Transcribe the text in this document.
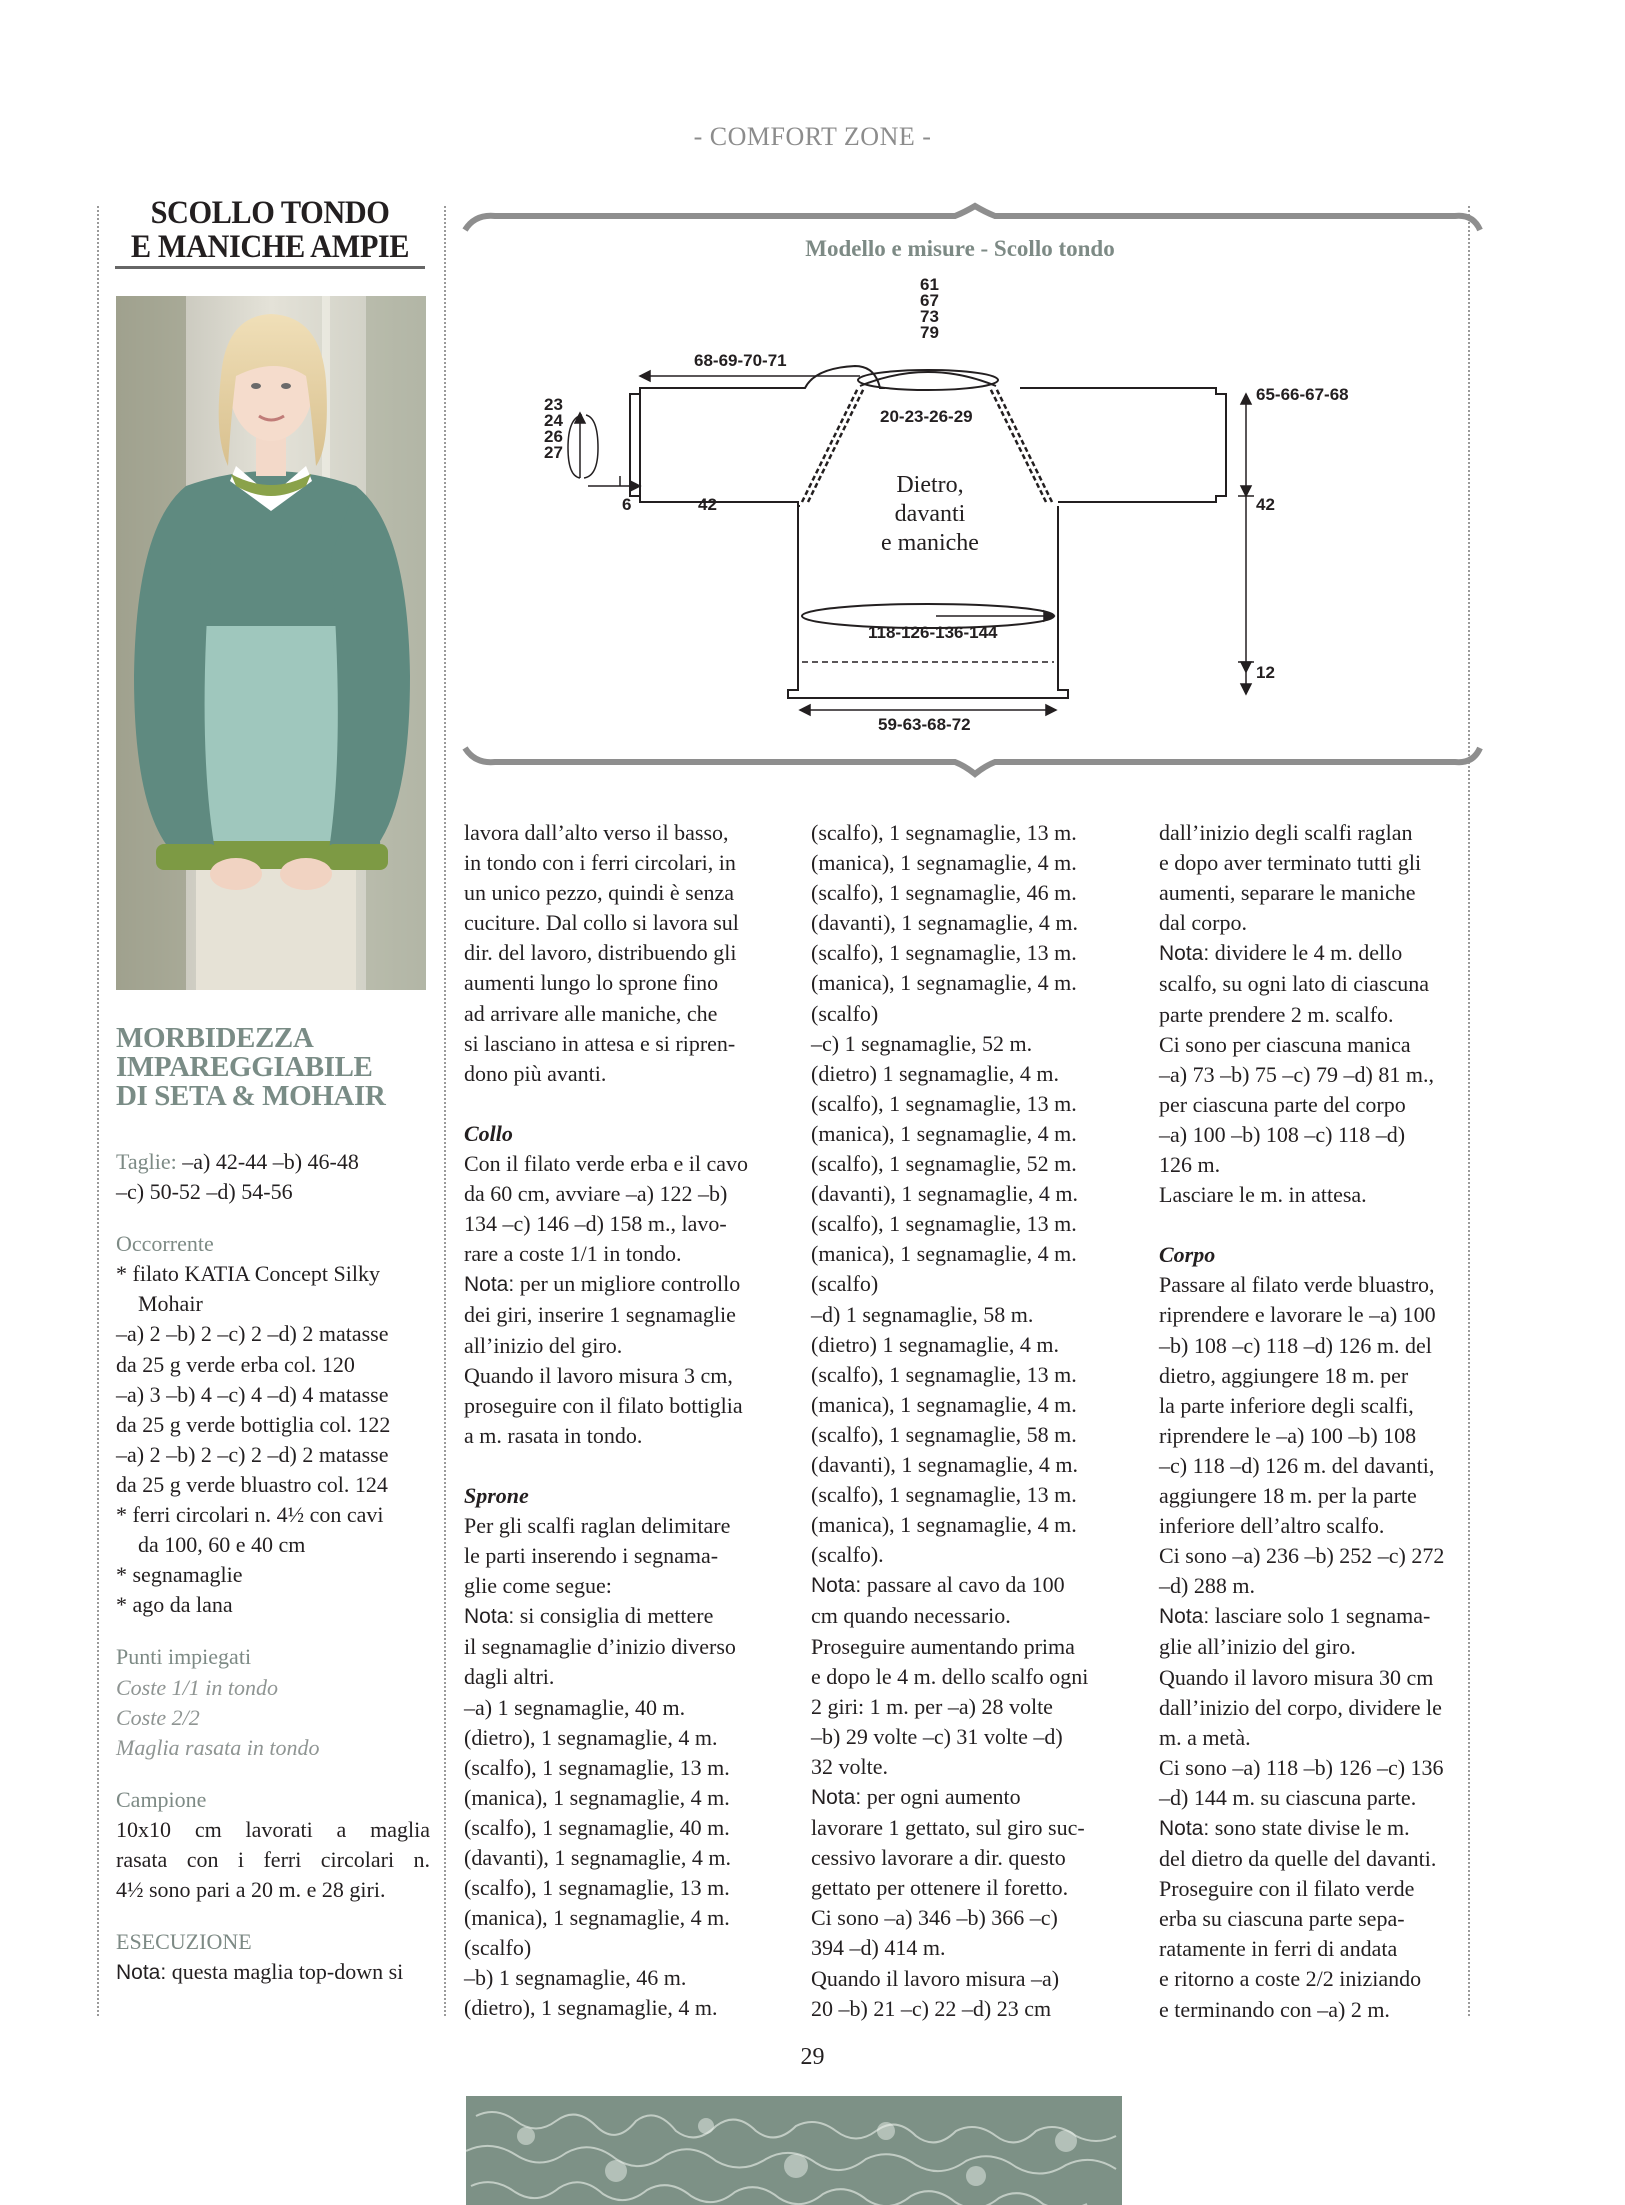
- COMFORT ZONE -
SCOLLO TONDO
E MANICHE AMPIE
MORBIDEZZA
IMPAREGGIABILE
DI SETA & MOHAIR

Taglie: –a) 42-44 –b) 46-48

–c) 50-52 –d) 54-56

Occorrente

* filato KATIA Concept Silky

Mohair

–a) 2 –b) 2 –c) 2 –d) 2 matasse

da 25 g verde erba col. 120

–a) 3 –b) 4 –c) 4 –d) 4 matasse

da 25 g verde bottiglia col. 122

–a) 2 –b) 2 –c) 2 –d) 2 matasse

da 25 g verde bluastro col. 124

* ferri circolari n. 4½ con cavi

da 100, 60 e 40 cm

* segnamaglie

* ago da lana

Punti impiegati

Coste 1/1 in tondo

Coste 2/2

Maglia rasata in tondo

Campione

10x10 cm lavorati a maglia

rasata con i ferri circolari n.

4½ sono pari a 20 m. e 28 giri.

ESECUZIONE

Nota: questa maglia top-down si

Modello e misure - Scollo tondo
61
67
73
79
68-69-70-71
20-23-26-29
23
24
26
27
6	42
118-126-136-144
59-63-68-72
65-66-67-68
42
12
Dietro,
davanti
e maniche

lavora dall’alto verso il basso,

in tondo con i ferri circolari, in

un unico pezzo, quindi è senza

cuciture. Dal collo si lavora sul

dir. del lavoro, distribuendo gli

aumenti lungo lo sprone fino

ad arrivare alle maniche, che

si lasciano in attesa e si ripren-

dono più avanti.

Collo

Con il filato verde erba e il cavo

da 60 cm, avviare –a) 122 –b)

134 –c) 146 –d) 158 m., lavo-

rare a coste 1/1 in tondo.

Nota: per un migliore controllo

dei giri, inserire 1 segnamaglie

all’inizio del giro.

Quando il lavoro misura 3 cm,

proseguire con il filato bottiglia

a m. rasata in tondo.

Sprone

Per gli scalfi raglan delimitare

le parti inserendo i segnama-

glie come segue:

Nota: si consiglia di mettere

il segnamaglie d’inizio diverso

dagli altri.

–a) 1 segnamaglie, 40 m.

(dietro), 1 segnamaglie, 4 m.

(scalfo), 1 segnamaglie, 13 m.

(manica), 1 segnamaglie, 4 m.

(scalfo), 1 segnamaglie, 40 m.

(davanti), 1 segnamaglie, 4 m.

(scalfo), 1 segnamaglie, 13 m.

(manica), 1 segnamaglie, 4 m.

(scalfo)

–b) 1 segnamaglie, 46 m.

(dietro), 1 segnamaglie, 4 m.

(scalfo), 1 segnamaglie, 13 m.

(manica), 1 segnamaglie, 4 m.

(scalfo), 1 segnamaglie, 46 m.

(davanti), 1 segnamaglie, 4 m.

(scalfo), 1 segnamaglie, 13 m.

(manica), 1 segnamaglie, 4 m.

(scalfo)

–c) 1 segnamaglie, 52 m.

(dietro) 1 segnamaglie, 4 m.

(scalfo), 1 segnamaglie, 13 m.

(manica), 1 segnamaglie, 4 m.

(scalfo), 1 segnamaglie, 52 m.

(davanti), 1 segnamaglie, 4 m.

(scalfo), 1 segnamaglie, 13 m.

(manica), 1 segnamaglie, 4 m.

(scalfo)

–d) 1 segnamaglie, 58 m.

(dietro) 1 segnamaglie, 4 m.

(scalfo), 1 segnamaglie, 13 m.

(manica), 1 segnamaglie, 4 m.

(scalfo), 1 segnamaglie, 58 m.

(davanti), 1 segnamaglie, 4 m.

(scalfo), 1 segnamaglie, 13 m.

(manica), 1 segnamaglie, 4 m.

(scalfo).

Nota: passare al cavo da 100

cm quando necessario.

Proseguire aumentando prima

e dopo le 4 m. dello scalfo ogni

2 giri: 1 m. per –a) 28 volte

–b) 29 volte –c) 31 volte –d)

32 volte.

Nota: per ogni aumento

lavorare 1 gettato, sul giro suc-

cessivo lavorare a dir. questo

gettato per ottenere il foretto.

Ci sono –a) 346 –b) 366 –c)

394 –d) 414 m.

Quando il lavoro misura –a)

20 –b) 21 –c) 22 –d) 23 cm

dall’inizio degli scalfi raglan

e dopo aver terminato tutti gli

aumenti, separare le maniche

dal corpo.

Nota: dividere le 4 m. dello

scalfo, su ogni lato di ciascuna

parte prendere 2 m. scalfo.

Ci sono per ciascuna manica

–a) 73 –b) 75 –c) 79 –d) 81 m.,

per ciascuna parte del corpo

–a) 100 –b) 108 –c) 118 –d)

126 m.

Lasciare le m. in attesa.

Corpo

Passare al filato verde bluastro,

riprendere e lavorare le –a) 100

–b) 108 –c) 118 –d) 126 m. del

dietro, aggiungere 18 m. per

la parte inferiore degli scalfi,

riprendere le –a) 100 –b) 108

–c) 118 –d) 126 m. del davanti,

aggiungere 18 m. per la parte

inferiore dell’altro scalfo.

Ci sono –a) 236 –b) 252 –c) 272

–d) 288 m.

Nota: lasciare solo 1 segnama-

glie all’inizio del giro.

Quando il lavoro misura 30 cm

dall’inizio del corpo, dividere le

m. a metà.

Ci sono –a) 118 –b) 126 –c) 136

–d) 144 m. su ciascuna parte.

Nota: sono state divise le m.

del dietro da quelle del davanti.

Proseguire con il filato verde

erba su ciascuna parte sepa-

ratamente in ferri di andata

e ritorno a coste 2/2 iniziando

e terminando con –a) 2 m.

29
